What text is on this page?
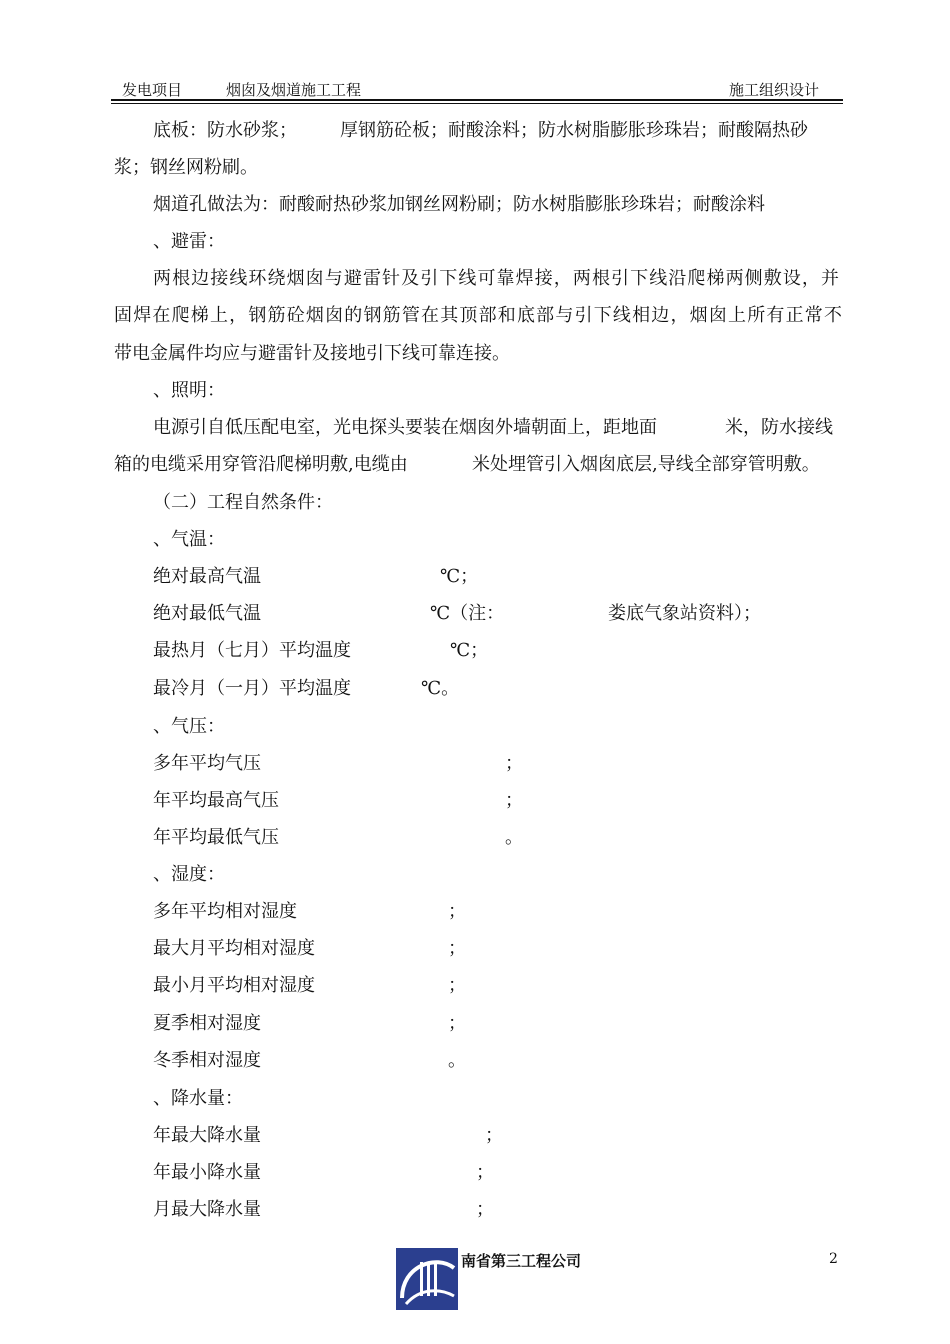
发电项目	烟囱及烟道施工工程	施工组织设计
底板：防水砂浆； 厚钢筋砼板；耐酸涂料；防水树脂膨胀珍珠岩；耐酸隔热砂
浆；钢丝网粉刷。
烟道孔做法为：耐酸耐热砂浆加钢丝网粉刷；防水树脂膨胀珍珠岩；耐酸涂料
、避雷：
两根边接线环绕烟囱与避雷针及引下线可靠焊接，两根引下线沿爬梯两侧敷设，并
固焊在爬梯上，钢筋砼烟囱的钢筋管在其顶部和底部与引下线相边，烟囱上所有正常不
带电金属件均应与避雷针及接地引下线可靠连接。
、照明：
电源引自低压配电室，光电探头要装在烟囱外墙朝面上，距地面	米，防水接线
箱的电缆采用穿管沿爬梯明敷,电缆由	米处埋管引入烟囱底层,导线全部穿管明敷。
（二）工程自然条件：
、气温：
绝对最高气温	℃；
绝对最低气温	℃（注：	娄底气象站资料）；
最热月（七月）平均温度	℃；
最冷月（一月）平均温度	℃。
、气压：
多年平均气压	；
年平均最高气压	；
年平均最低气压	。
、湿度：
多年平均相对湿度	；
最大月平均相对湿度	；
最小月平均相对湿度	；
夏季相对湿度	；
冬季相对湿度	。
、降水量：
年最大降水量	；
年最小降水量	；
月最大降水量	；
南省第三工程公司	2
